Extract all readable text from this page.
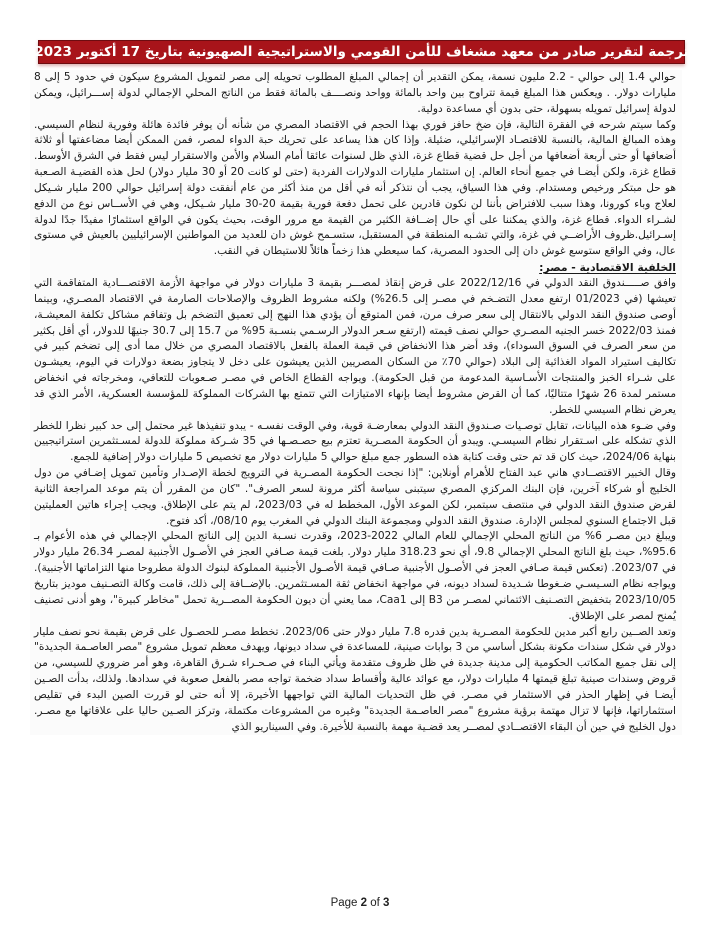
ترجمة لتقرير صادر من معهد مشغاف للأمن القومي والاستراتيجية الصهيونية بتاريخ 17 أكتوبر 2023

حوالي 1.4 إلى حوالي - 2.2 مليون نسمة، يمكن التقدير أن إجمالي المبلغ المطلوب تحويله إلى مصر لتمويل المشروع سيكون في حدود 5 إلى 8 مليارات دولار. . ويعكس هذا المبلغ قيمة تتراوح بين واحد بالمائة وواحد ونصــــف بالمائة فقط من الناتج المحلي الإجمالي لدولة إســـرائيل، ويمكن لدولة إسرائيل تمويله بسهولة، حتى بدون أي مساعدة دولية.

وكما سيتم شرحه في الفقرة التالية، فإن ضخ حافز فوري بهذا الحجم في الاقتصاد المصري من شأنه أن يوفر فائدة هائلة وفورية لنظام السيسي. وهذه المبالغ المالية، بالنسبة للاقتصـاد الإسرائيلي، ضئيلة. وإذا كان هذا يساعد على تحريك حبة الدواء لمصر، فمن الممكن أيضا مضاعفتها أو ثلاثة أضعافها أو حتى أربعة أضعافها من أجل حل قضية قطاع غزة، الذي ظل لسنوات عائقا أمام السلام والأمن والاستقرار ليس فقط في الشرق الأوسط. قطاع غزة، ولكن أيضـا في جميع أنحاء العالم. إن استثمار مليارات الدولارات الفردية (حتى لو كانت 20 أو 30 مليار دولار) لحل هذه القضيـة الصـعبة هو حل مبتكر ورخيص ومستدام. وفي هذا السياق، يجب أن نتذكر أنه في أقل من منذ أكثر من عام أنفقت دولة إسرائيل حوالي 200 مليار شـيكل لعلاج وباء كورونا، وهذا سبب للافتراض بأننا لن نكون قادرين على تحمل دفعة فورية بقيمة 20-30 مليار شـيكل، وهي في الأســاس نوع من الدفع لشـراء الدواء. قطاع غزة، والذي يمكننا على أي حال إضــافة الكثير من القيمة مع مرور الوقت، بحيث يكون في الواقع استثمارًا مفيدًا جدًا لدولة إسـرائيل.ظروف الأراضــي في غزة، والتي تشـبه المنطقة في المستقبل، ستسـمح غوش دان للعديد من المواطنين الإسرائيليين بالعيش في مستوى عال، وفي الواقع ستوسع غوش دان إلى الحدود المصرية، كما سيعطي هذا زخماً هائلاً للاستيطان في النقب.

الخلفية الاقتصادية - مصر:

وافق صـــــندوق النقد الدولي في 2022/12/16 على قرض إنقاذ لمصـــر بقيمة 3 مليارات دولار في مواجهة الأزمة الاقتصـــادية المتفاقمة التي تعيشها (في 01/2023 ارتفع معدل التضـخم في مصـر إلى 26.5%) ولكنه مشروط الظروف والإصلاحات الصارمة في الاقتصاد المصـري، وبينما أوصى صندوق النقد الدولي بالانتقال إلى سعر صرف مرن، فمن المتوقع أن يؤدي هذا النهج إلى تعميق التضخم بل وتفاقم مشاكل تكلفة المعيشـة، فمنذ 2022/03 خسر الجنيه المصـري حوالي نصف قيمته (ارتفع سـعر الدولار الرسـمي بنسـبة 95% من 15.7 إلى 30.7 جنيهًا للدولار، أي أقل بكثير من سعر الصرف في السوق السوداء)، وقد أضر هذا الانخفاض في قيمة العملة بالفعل بالاقتصاد المصري من خلال مما أدى إلى تضخم كبير في تكاليف استيراد المواد الغذائية إلى البلاد (حوالي 70٪ من السكان المصريين الذين يعيشون على دخل لا يتجاوز بضعة دولارات في اليوم، يعيشـون على شـراء الخبز والمنتجات الأسـاسية المدعومة من قبل الحكومة). ويواجه القطاع الخاص في مصـر صـعوبات للتعافي، ومخرجاته في انخفاض مستمر لمدة 26 شهرًا متتاليًا، كما أن القرض مشروط أيضا بإنهاء الامتيازات التي تتمتع بها الشركات المملوكة للمؤسسة العسكرية، الأمر الذي قد يعرض نظام السيسي للخطر.

وفي ضـوء هذه البيانات، تقابل توصـيات صـندوق النقد الدولي بمعارضـة قوية، وفي الوقت نفسـه - يبدو تنفيذها غير محتمل إلى حد كبير نظرا للخطر الذي تشكله على اسـتقرار نظام السيسـي. ويبدو أن الحكومة المصـرية تعتزم بيع حصـصـها في 35 شـركة مملوكة للدولة لمسـتثمرين استراتيجيين بنهاية 2024/06، حيث كان قد تم حتى وقت كتابة هذه السطور جمع مبلغ حوالي 5 مليارات دولار مع تخصيص 5 مليارات دولار إضافية للجمع.

وقال الخبير الاقتصــادي هاني عبد الفتاح للأهرام أونلاين: "إذا نجحت الحكومة المصـرية في الترويج لخطة الإصـدار وتأمين تمويل إضـافي من دول الخليج أو شركاء آخرين، فإن البنك المركزي المصري سيتبنى سياسة أكثر مرونة لسعر الصرف". "كان من المقرر أن يتم موعد المراجعة الثانية لقرض صندوق النقد الدولي في منتصف سبتمبر، لكن الموعد الأول، المخطط له في 2023/03، لم يتم على الإطلاق. ويجب إجراء هاتين العمليتين قبل الاجتماع السنوي لمجلس الإدارة. صندوق النقد الدولي ومجموعة البنك الدولي في المغرب يوم 08/10/، أكد فتوح.

ويبلغ دين مصـر 6% من الناتج المحلي الإجمالي للعام المالي 2022-2023، وقدرت نسـبة الدين إلى الناتج المحلي الإجمالي في هذه الأعوام بـ 95.6%، حيث بلغ الناتج المحلي الإجمالي 9.8، أي نحو 318.23 مليار دولار. بلغت قيمة صـافي العجز في الأصـول الأجنبية لمصـر 26.34 مليار دولار في 2023/07. (تعكس قيمة صـافي العجز في الأصـول الأجنبية صـافي قيمة الأصـول الأجنبية المملوكة لبنوك الدولة مطروحا منها التزاماتها الأجنبية). ويواجه نظام السـيسـي ضـغوطا شـديدة لسداد ديونه، في مواجهة انخفاض ثقة المسـتثمرين. بالإضــافة إلى ذلك، قامت وكالة التصـنيف موديز بتاريخ 2023/10/05 بتخفيض التصـنيف الائتماني لمصـر من B3 إلى Caa1، مما يعني أن ديون الحكومة المصــرية تحمل "مخاطر كبيرة"، وهو أدنى تصنيف يُمنح لمصر على الإطلاق.

وتعد الصــين رابع أكبر مدين للحكومة المصـرية بدين قدره 7.8 مليار دولار حتى 2023/06. تخطط مصـر للحصـول على قرض بقيمة نحو نصف مليار دولار في شكل سندات مكونة بشكل أساسي من 3 بوابات صينية، للمساعدة في سداد ديونها، ويهدف معظم تمويل مشروع "مصر العاصـمة الجديدة" إلى نقل جميع المكاتب الحكومية إلى مدينة جديدة في ظل ظروف متقدمة ويأتي البناء في صـحـراء شـرق القاهرة، وهو أمر ضروري للسيسي، من قروض وسندات صينية تبلغ قيمتها 4 مليارات دولار، مع عوائد عالية وأقساط سداد ضخمة تواجه مصر بالفعل صعوبة في سدادها. ولذلك، بدأت الصـين أيضـا في إظهار الحذر في الاستثمار في مصـر. في ظل التحديات المالية التي تواجهها الأخيرة، إلا أنه حتى لو قررت الصين البدء في تقليص استثماراتها، فإنها لا تزال مهتمة برؤية مشروع "مصر العاصـمة الجديدة" وغيره من المشروعات مكتملة، وتركز الصـين حاليا على علاقاتها مع مصـر. دول الخليج في حين أن البقاء الاقتصــادي لمصــر يعد قضـية مهمة بالنسبة للأخيرة. وفي السيناريو الذي

Page 2 of 3
